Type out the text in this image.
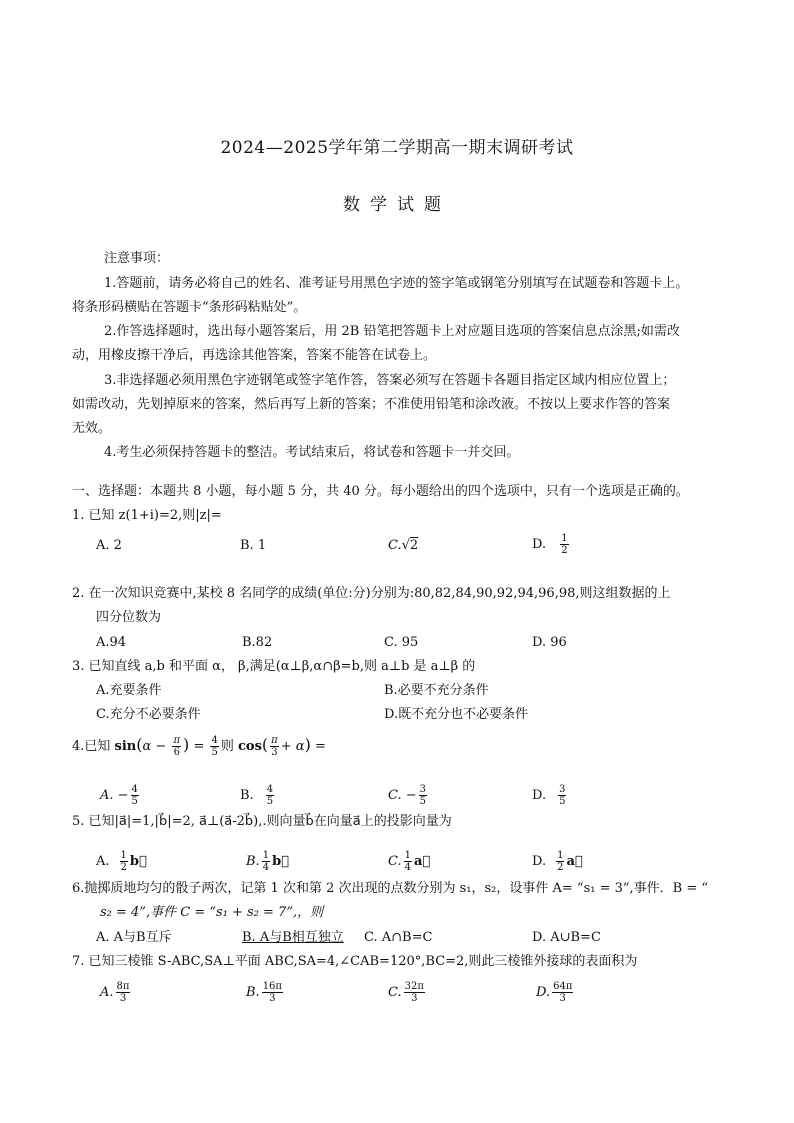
2024—2025学年第二学期高一期末调研考试
数学试题
注意事项：
1.答题前，请务必将自己的姓名、准考证号用黑色字迹的签字笔或钢笔分别填写在试题卷和答题卡上。
将条形码横贴在答题卡“条形码粘贴处”。
2.作答选择题时，选出每小题答案后，用 2B 铅笔把答题卡上对应题目选项的答案信息点涂黑;如需改
动，用橡皮擦干净后，再选涂其他答案，答案不能答在试卷上。
3.非选择题必须用黑色字迹钢笔或签字笔作答，答案必须写在答题卡各题目指定区域内相应位置上；
如需改动，先划掉原来的答案，然后再写上新的答案；不准使用铅笔和涂改液。不按以上要求作答的答案
无效。
4.考生必须保持答题卡的整洁。考试结束后，将试卷和答题卡一并交回。
一、选择题：本题共 8 小题，每小题 5 分，共 40 分。每小题给出的四个选项中，只有一个选项是正确的。
1. 已知 z(1+i)=2,则|z|=
A. 2	B. 1	C.√2	D. $\frac{1}{2}$
2. 在一次知识竞赛中,某校 8 名同学的成绩(单位:分)分别为:80,82,84,90,92,94,96,98,则这组数据的上
四分位数为
A.94	B.82	C. 95	D. 96
3. 已知直线 a,b 和平面 α， β,满足(α⊥β,α∩β=b,则 a⊥b 是 a⊥β 的
A.充要条件	B.必要不充分条件
C.充分不必要条件	D.既不充分也不必要条件
4.已知 $\sin(\alpha - \frac{\pi}{6}$ ) = $\frac{4}{5}$ 则 $\cos( \frac{\pi}{3} + \alpha)$ =
A. − $\frac{4}{5}$	B. $\frac{4}{5}$	C. − $\frac{3}{5}$	D. $\frac{3}{5}$
5. 已知|a⃗|=1,|b⃗|=2, a⃗⊥(a⃗-2b⃗),.则向量b⃗在向量a⃗上的投影向量为
A. $\frac{1}{2}$ b⃗	B. $\frac{1}{4}$ b⃗	C. $\frac{1}{4}$ a⃗	D. $\frac{1}{2}$ a⃗
6.抛掷质地均匀的骰子两次，记第 1 次和第 2 次出现的点数分别为 s₁，s₂，设事件 A= “s₁ = 3”,事件．B = “
s₂ = 4”,事件 C = “s₁ + s₂ = 7”,，则
A. A与B互斥	B. A与B相互独立 C. A∩B=C	D. A∪B=C
7. 已知三棱锥 S-ABC,SA⊥平面 ABC,SA=4,∠CAB=120°,BC=2,则此三棱锥外接球的表面积为
A. $\frac{8\pi}{3}$	B. $\frac{16\pi}{3}$	C. $\frac{32\pi}{3}$	D. $\frac{64\pi}{3}$
